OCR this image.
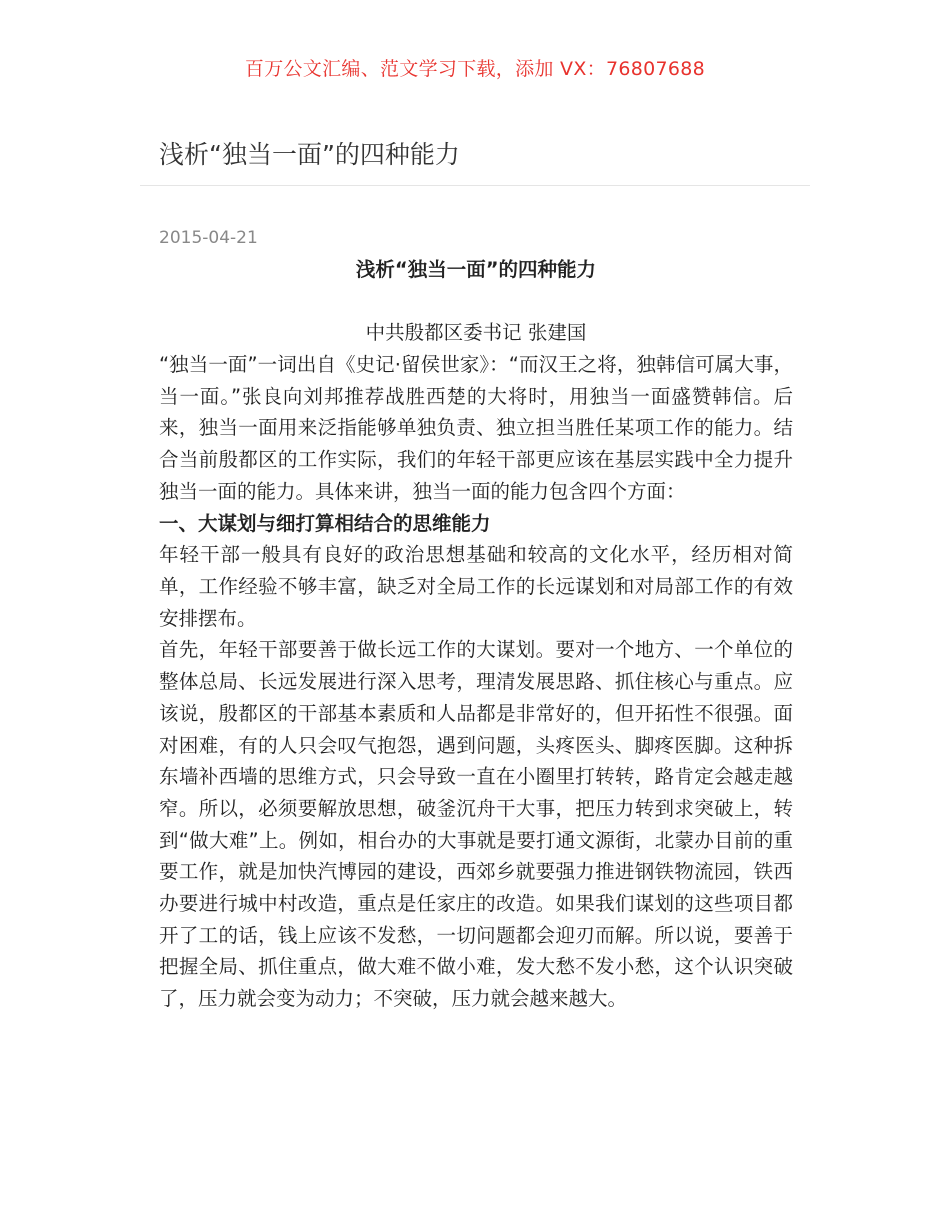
百万公文汇编、范文学习下载，添加 VX：76807688
浅析“独当一面”的四种能力
2015-04-21

浅析“独当一面”的四种能力

中共殷都区委书记 张建国

“独当一面”一词出自《史记·留侯世家》：“而汉王之将，独韩信可属大事，当一面。”张良向刘邦推荐战胜西楚的大将时，用独当一面盛赞韩信。后来，独当一面用来泛指能够单独负责、独立担当胜任某项工作的能力。结合当前殷都区的工作实际，我们的年轻干部更应该在基层实践中全力提升独当一面的能力。具体来讲，独当一面的能力包含四个方面：

一、大谋划与细打算相结合的思维能力

年轻干部一般具有良好的政治思想基础和较高的文化水平，经历相对简单，工作经验不够丰富，缺乏对全局工作的长远谋划和对局部工作的有效安排摆布。

首先，年轻干部要善于做长远工作的大谋划。要对一个地方、一个单位的整体总局、长远发展进行深入思考，理清发展思路、抓住核心与重点。应该说，殷都区的干部基本素质和人品都是非常好的，但开拓性不很强。面对困难，有的人只会叹气抱怨，遇到问题，头疼医头、脚疼医脚。这种拆东墙补西墙的思维方式，只会导致一直在小圈里打转转，路肯定会越走越窄。所以，必须要解放思想，破釜沉舟干大事，把压力转到求突破上，转到“做大难”上。例如，相台办的大事就是要打通文源街，北蒙办目前的重要工作，就是加快汽博园的建设，西郊乡就要强力推进钢铁物流园，铁西办要进行城中村改造，重点是任家庄的改造。如果我们谋划的这些项目都开了工的话，钱上应该不发愁，一切问题都会迎刃而解。所以说，要善于把握全局、抓住重点，做大难不做小难，发大愁不发小愁，这个认识突破了，压力就会变为动力；不突破，压力就会越来越大。
